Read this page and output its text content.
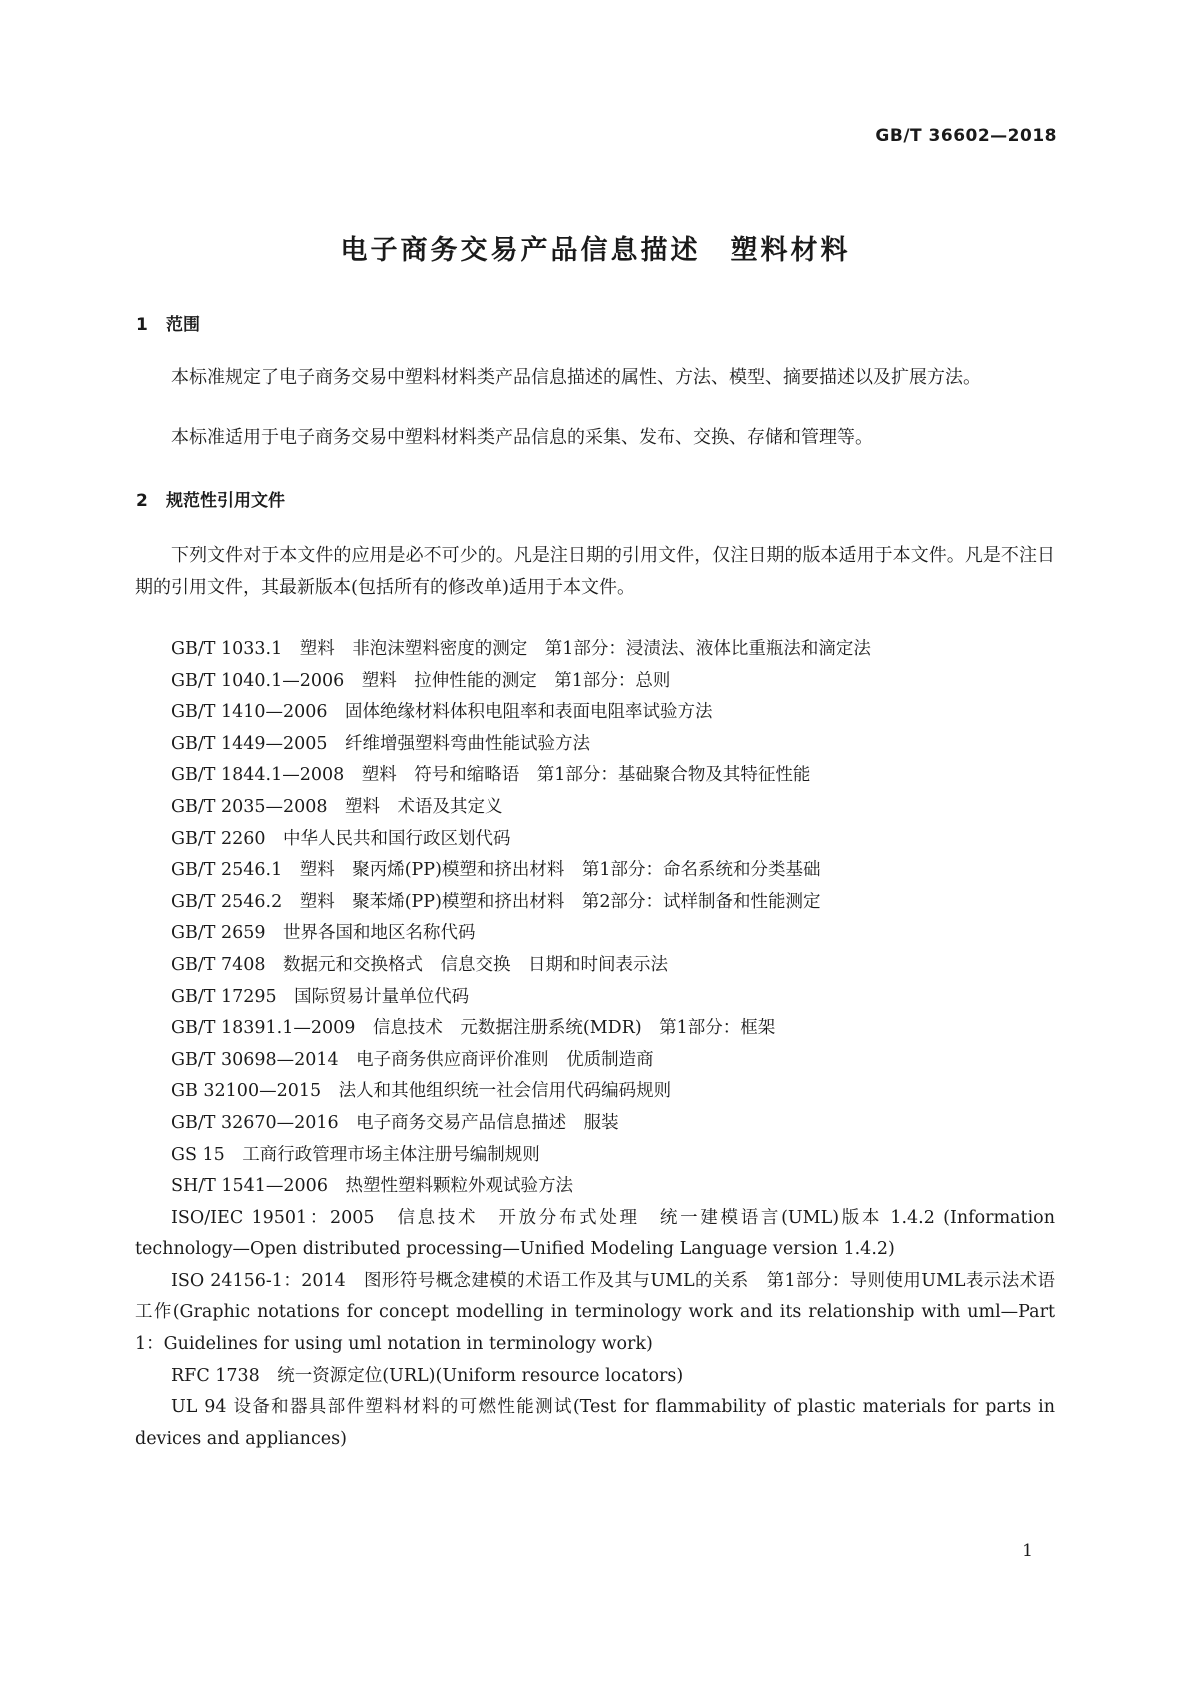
GB/T 36602—2018
电子商务交易产品信息描述　塑料材料
1 范围
本标准规定了电子商务交易中塑料材料类产品信息描述的属性、方法、模型、摘要描述以及扩展方法。
本标准适用于电子商务交易中塑料材料类产品信息的采集、发布、交换、存储和管理等。
2 规范性引用文件
下列文件对于本文件的应用是必不可少的。凡是注日期的引用文件，仅注日期的版本适用于本文件。凡是不注日期的引用文件，其最新版本(包括所有的修改单)适用于本文件。
GB/T 1033.1　塑料　非泡沫塑料密度的测定　第1部分：浸渍法、液体比重瓶法和滴定法
GB/T 1040.1—2006　塑料　拉伸性能的测定　第1部分：总则
GB/T 1410—2006　固体绝缘材料体积电阻率和表面电阻率试验方法
GB/T 1449—2005　纤维增强塑料弯曲性能试验方法
GB/T 1844.1—2008　塑料　符号和缩略语　第1部分：基础聚合物及其特征性能
GB/T 2035—2008　塑料　术语及其定义
GB/T 2260　中华人民共和国行政区划代码
GB/T 2546.1　塑料　聚丙烯(PP)模塑和挤出材料　第1部分：命名系统和分类基础
GB/T 2546.2　塑料　聚苯烯(PP)模塑和挤出材料　第2部分：试样制备和性能测定
GB/T 2659　世界各国和地区名称代码
GB/T 7408　数据元和交换格式　信息交换　日期和时间表示法
GB/T 17295　国际贸易计量单位代码
GB/T 18391.1—2009　信息技术　元数据注册系统(MDR)　第1部分：框架
GB/T 30698—2014　电子商务供应商评价准则　优质制造商
GB 32100—2015　法人和其他组织统一社会信用代码编码规则
GB/T 32670—2016　电子商务交易产品信息描述　服装
GS 15　工商行政管理市场主体注册号编制规则
SH/T 1541—2006　热塑性塑料颗粒外观试验方法
ISO/IEC 19501：2005　信息技术　开放分布式处理　统一建模语言(UML)版本 1.4.2 (Information technology—Open distributed processing—Unified Modeling Language version 1.4.2)
ISO 24156-1：2014　图形符号概念建模的术语工作及其与UML的关系　第1部分：导则使用UML表示法术语工作(Graphic notations for concept modelling in terminology work and its relationship with uml—Part 1：Guidelines for using uml notation in terminology work)
RFC 1738　统一资源定位(URL)(Uniform resource locators)
UL 94 设备和器具部件塑料材料的可燃性能测试(Test for flammability of plastic materials for parts in devices and appliances)
1
